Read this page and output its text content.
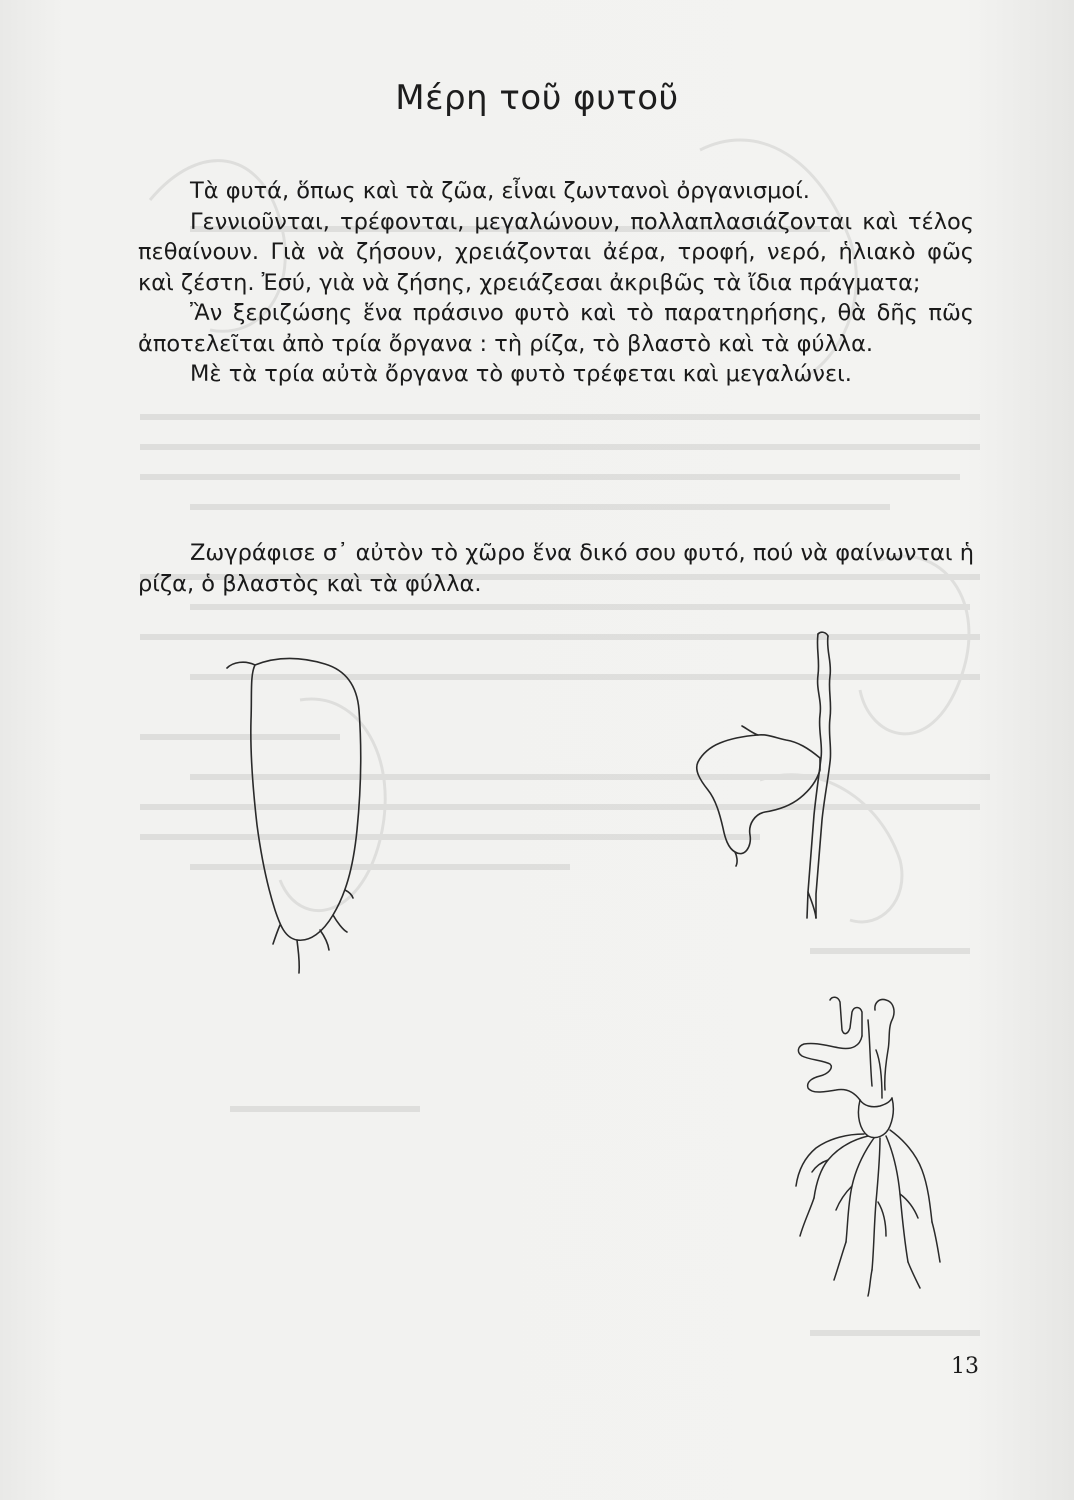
Μέρη τοῦ φυτοῦ

Τὰ φυτά, ὅπως καὶ τὰ ζῶα, εἶναι ζωντανοὶ ὀργανισμοί.

Γεννιοῦνται, τρέφονται, μεγαλώνουν, πολλαπλασιάζονται καὶ τέλος πεθαίνουν. Γιὰ νὰ ζήσουν, χρειάζονται ἀέρα, τροφή, νερό, ἡλιακὸ φῶς καὶ ζέστη. Ἐσύ, γιὰ νὰ ζήσης, χρειάζεσαι ἀκριβῶς τὰ ἴδια πράγματα;

Ἂν ξεριζώσης ἕνα πράσινο φυτὸ καὶ τὸ παρατηρήσης, θὰ δῆς πῶς ἀποτελεῖται ἀπὸ τρία ὄργανα : τὴ ρίζα, τὸ βλαστὸ καὶ τὰ φύλλα.

Μὲ τὰ τρία αὐτὰ ὄργανα τὸ φυτὸ τρέφεται καὶ μεγαλώνει.

Ζωγράφισε σ᾿ αὐτὸν τὸ χῶρο ἕνα δικό σου φυτό, πού νὰ φαίνωνται ἡ ρίζα, ὁ βλαστὸς καὶ τὰ φύλλα.

13
